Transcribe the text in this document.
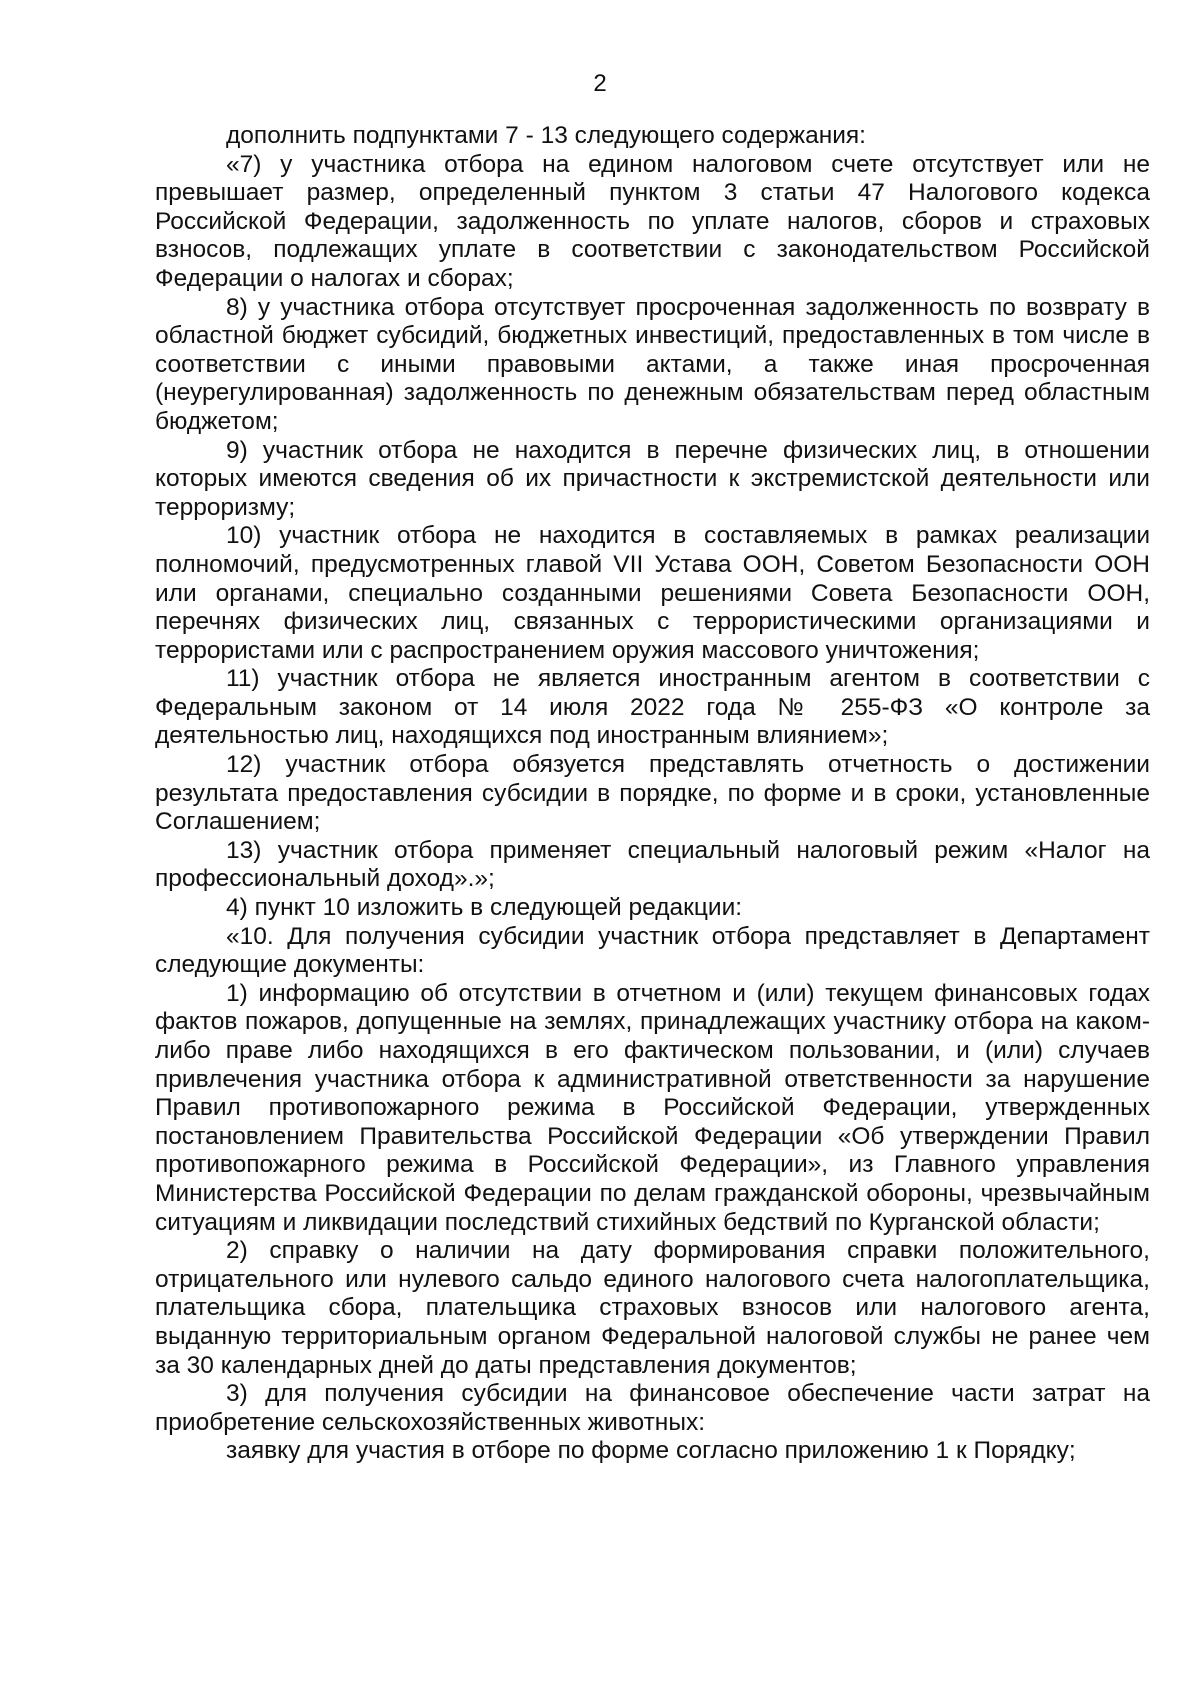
2

дополнить подпунктами 7 - 13 следующего содержания:

«7) у участника отбора на едином налоговом счете отсутствует или не превышает размер, определенный пунктом 3 статьи 47 Налогового кодекса Российской Федерации, задолженность по уплате налогов, сборов и страховых взносов, подлежащих уплате в соответствии с законодательством Российской Федерации о налогах и сборах;

8) у участника отбора отсутствует просроченная задолженность по возврату в областной бюджет субсидий, бюджетных инвестиций, предоставленных в том числе в соответствии с иными правовыми актами, а также иная просроченная (неурегулированная) задолженность по денежным обязательствам перед областным бюджетом;

9) участник отбора не находится в перечне физических лиц, в отношении которых имеются сведения об их причастности к экстремистской деятельности или терроризму;

10) участник отбора не находится в составляемых в рамках реализации полномочий, предусмотренных главой VII Устава ООН, Советом Безопасности ООН или органами, специально созданными решениями Совета Безопасности ООН, перечнях физических лиц, связанных с террористическими организациями и террористами или с распространением оружия массового уничтожения;

11) участник отбора не является иностранным агентом в соответствии с Федеральным законом от 14 июля 2022 года № 255-ФЗ «О контроле за деятельностью лиц, находящихся под иностранным влиянием»;

12) участник отбора обязуется представлять отчетность о достижении результата предоставления субсидии в порядке, по форме и в сроки, установленные Соглашением;

13) участник отбора применяет специальный налоговый режим «Налог на профессиональный доход».»;

4) пункт 10 изложить в следующей редакции:

«10. Для получения субсидии участник отбора представляет в Департамент следующие документы:

1) информацию об отсутствии в отчетном и (или) текущем финансовых годах фактов пожаров, допущенные на землях, принадлежащих участнику отбора на каком-либо праве либо находящихся в его фактическом пользовании, и (или) случаев привлечения участника отбора к административной ответственности за нарушение Правил противопожарного режима в Российской Федерации, утвержденных постановлением Правительства Российской Федерации «Об утверждении Правил противопожарного режима в Российской Федерации», из Главного управления Министерства Российской Федерации по делам гражданской обороны, чрезвычайным ситуациям и ликвидации последствий стихийных бедствий по Курганской области;

2) справку о наличии на дату формирования справки положительного, отрицательного или нулевого сальдо единого налогового счета налогоплательщика, плательщика сбора, плательщика страховых взносов или налогового агента, выданную территориальным органом Федеральной налоговой службы не ранее чем за 30 календарных дней до даты представления документов;

3) для получения субсидии на финансовое обеспечение части затрат на приобретение сельскохозяйственных животных:

заявку для участия в отборе по форме согласно приложению 1 к Порядку;
